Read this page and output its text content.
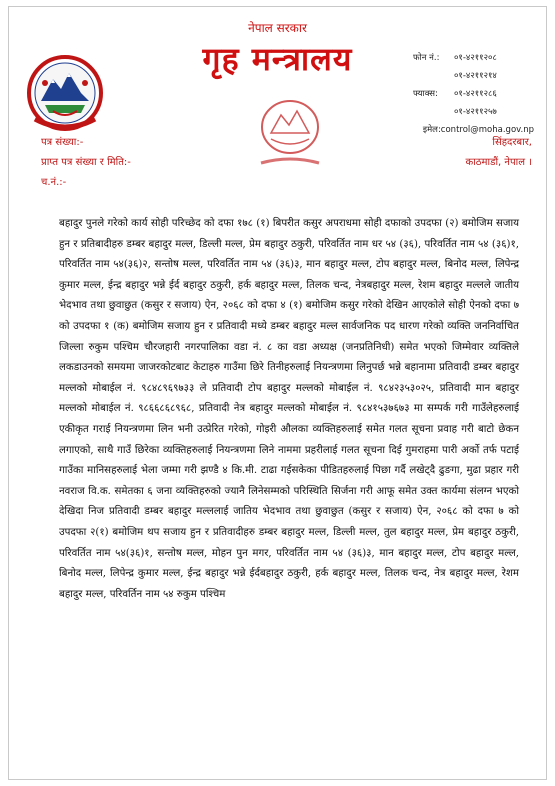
नेपाल सरकार
गृह मन्त्रालय	फोन नं.:	०१-४२११२०८
०१-४२११२१४
फ्याक्स:	०१-४२११२८६
०१-४२११२५७
इमेल:control@moha.gov.np
पत्र संख्या:-
प्राप्त पत्र संख्या र मिति:-
च.नं.:-
सिंहदरबार,
काठमाडौं, नेपाल ।

बहादुर पुनले गरेको कार्य सोही परिच्छेद को दफा १७८ (१) बिपरीत कसुर अपराधमा सोही दफाको उपदफा (२) बमोजिम सजाय हुन र प्रतिबादीहरु डम्बर बहादुर मल्ल, डिल्ली मल्ल, प्रेम बहादुर ठकुरी, परिवर्तित नाम धर ५४ (३६), परिवर्तित नाम ५४ (३६)१, परिवर्तित नाम ५४(३६)२, सन्तोष मल्ल, परिवर्तित नाम ५४ (३६)३, मान बहादुर मल्ल, टोप बहादुर मल्ल, बिनोद मल्ल, लिपेन्द्र कुमार मल्ल, ईन्द्र बहादुर भन्ने ईर्द बहादुर ठकुरी, हर्क बहादुर मल्ल, तिलक चन्द, नेत्रबहादुर मल्ल, रेशम बहादुर मल्लले जातीय भेदभाव तथा छुवाछुत (कसुर र सजाय) ऐन, २०६८ को दफा ४ (१) बमोजिम कसुर गरेको देखिन आएकोले सोही ऐनको दफा ७ को उपदफा १ (क) बमोजिम सजाय हुन र प्रतिवादी मध्ये डम्बर बहादुर मल्ल सार्वजनिक पद धारण गरेको व्यक्ति जननिर्वाचित जिल्ला रुकुम पश्चिम चौरजहारी नगरपालिका वडा नं. ८ का वडा अध्यक्ष (जनप्रतिनिधी) समेत भएको जिम्मेवार व्यक्तिले लकडाउनको समयमा जाजरकोटबाट केटाहरु गाउँमा छिरे तिनीहरुलाई नियन्त्रणमा लिनुपर्छ भन्ने बहानामा प्रतिवादी डम्बर बहादुर मल्लको मोबाईल नं. ९८४८९६९७३३ ले प्रतिवादी टोप बहादुर मल्लको मोबाईल नं. ९८४२३५३०२५, प्रतिवादी मान बहादुर मल्लको मोबाईल नं. ९८६६८६८९६८, प्रतिवादी नेत्र बहादुर मल्लको मोबाईल नं. ९८४१५३७६७३ मा सम्पर्क गरी गाउँलेहरुलाई एकीकृत गराई नियन्त्रणमा लिन भनी उत्प्रेरित गरेको, गोइरी औलका व्यक्तिहरुलाई समेत गलत सूचना प्रवाह गरी बाटो छेकन लगाएको, साथै गाउँ छिरेका व्यक्तिहरुलाई नियन्त्रणमा लिने नाममा प्रहरीलाई गलत सूचना दिई गुमराहमा पारी अर्को तर्फ पटाई गाउँका मानिसहरुलाई भेला जम्मा गरी झण्डै ४ कि.मी. टाढा गईसकेका पीडितहरुलाई पिछा गर्दै लखेट्दै ढुङगा, मुढा प्रहार गरी नवराज वि.क. समेतका ६ जना व्यक्तिहरुको ज्यानै लिनेसम्मको परिस्थिति सिर्जना गरी आफू समेत उक्त कार्यमा संलग्न भएको देखिदा निज प्रतिवादी डम्बर बहादुर मल्ललाई जातिय भेदभाव तथा छुवाछुत (कसुर र सजाय) ऐन, २०६८ को दफा ७ को उपदफा २(१) बमोजिम थप सजाय हुन र प्रतिवादीहरु डम्बर बहादुर मल्ल, डिल्ली मल्ल, तुल बहादुर मल्ल, प्रेम बहादुर ठकुरी, परिवर्तित नाम ५४(३६)१, सन्तोष मल्ल, मोहन पुन मगर, परिवर्तित नाम ५४ (३६)३, मान बहादुर मल्ल, टोप बहादुर मल्ल, बिनोद मल्ल, लिपेन्द्र कुमार मल्ल, ईन्द्र बहादुर भन्ने ईर्दबहादुर ठकुरी, हर्क बहादुर मल्ल, तिलक चन्द, नेत्र बहादुर मल्ल, रेशम बहादुर मल्ल, परिवर्तिन नाम ५४ रुकुम पश्चिम
